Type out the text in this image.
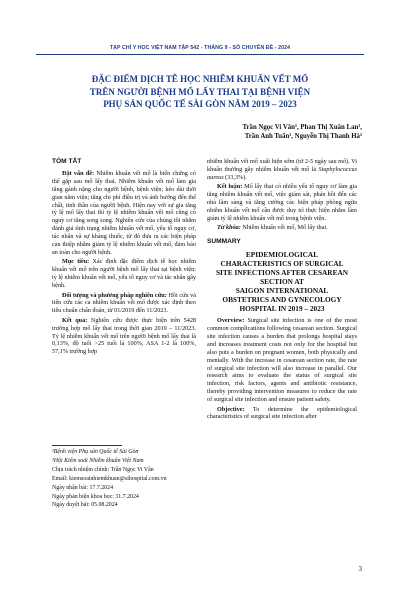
TẠP CHÍ Y HỌC VIỆT NAM TẬP 542 - THÁNG 9 - SỐ CHUYÊN ĐỀ - 2024
ĐẶC ĐIỂM DỊCH TỄ HỌC NHIỄM KHUẨN VẾT MỔ
TRÊN NGƯỜI BỆNH MỔ LẤY THAI TẠI BỆNH VIỆN
PHỤ SẢN QUỐC TẾ SÀI GÒN NĂM 2019 – 2023
Trần Ngọc Vi Vân¹, Phan Thị Xuân Lan¹,
Trần Anh Tuấn¹, Nguyễn Thị Thanh Hà²
TÓM TẮT

Đặt vấn đề: Nhiễm khuẩn vết mổ là biến chứng có thể gặp sau mổ lấy thai. Nhiễm khuẩn vết mổ làm gia tăng gánh nặng cho người bệnh, bệnh viện; kéo dài thời gian nằm viện; tăng chi phí điều trị và ảnh hưởng đến thể chất, tinh thần của người bệnh. Hiện nay với sự gia tăng tỷ lệ mổ lấy thai thì tỷ lệ nhiễm khuẩn vết mổ cũng có nguy cơ tăng song song. Nghiên cứu của chúng tôi nhằm đánh giá tình trạng nhiễm khuẩn vết mổ, yếu tố nguy cơ, tác nhân và sự kháng thuốc, từ đó đưa ra các biện pháp can thiệp nhằm giảm tỷ lệ nhiễm khuẩn vết mổ, đảm bảo an toàn cho người bệnh.

Mục tiêu: Xác định đặc điểm dịch tễ học nhiễm khuẩn vết mổ trên người bệnh mổ lấy thai tại bệnh viện: tỷ lệ nhiễm khuẩn vết mổ, yếu tố nguy cơ và tác nhân gây bệnh.

Đối tượng và phương pháp nghiên cứu: Hồi cứu và tiến cứu các ca nhiễm khuẩn vết mổ được xác định theo tiêu chuẩn chẩn đoán, từ 01/2019 đến 11/2023.

Kết quả: Nghiên cứu được thực hiện trên 5428 trường hợp mổ lấy thai trong thời gian 2019 – 11/2023. Tỷ lệ nhiễm khuẩn vết mổ trên người bệnh mổ lấy thai là 0,13%, độ tuổi >25 tuổi là 100%, ASA 1-2 là 100%, 57,1% trường hợp

¹Bệnh viện Phụ sản Quốc tế Sài Gòn
²Hội Kiểm soát Nhiễm khuẩn Việt Nam
Chịu trách nhiệm chính: Trần Ngọc Vi Vân
Email: kiemsoatnhiemkhuan@sihospital.com.vn
Ngày nhận bài: 17.7.2024
Ngày phản biện khoa học: 31.7.2024
Ngày duyệt bài: 05.08.2024

nhiễm khuẩn vết mổ xuất hiện sớm (từ 2-5 ngày sau mổ). Vi khuẩn thường gây nhiễm khuẩn vết mổ là Staphylococcus aureus (33,3%).

Kết luận: Mổ lấy thai có nhiều yếu tố nguy cơ làm gia tăng nhiễm khuẩn vết mổ, việc giám sát, phản hồi đến các nhà lâm sàng và tăng cường các biện pháp phòng ngừa nhiễm khuẩn vết mổ cần được duy trì thực hiện nhằm làm giảm tỷ lệ nhiễm khuẩn vết mổ trong bệnh viện.

Từ khóa: Nhiễm khuẩn vết mổ, Mổ lấy thai.

SUMMARY
EPIDEMIOLOGICAL
CHARACTERISTICS OF SURGICAL
SITE INFECTIONS AFTER CESAREAN
SECTION AT
SAIGON INTERNATIONAL
OBSTETRICS AND GYNECOLOGY
HOSPITAL IN 2019 – 2023

Overview: Surgical site infection is one of the most common complications following cesarean section. Surgical site infection causes a burden that prolongs hospital stays and increases treatment costs not only for the hospital but also puts a burden on pregnant women, both physically and mentally. With the increase in cesarean section rate, the rate of surgical site infection will also increase in parallel. Our research aims to evaluate the status of surgical site infection, risk factors, agents and antibiotic resistance, thereby providing intervention measures to reduce the rate of surgical site infection and ensure patient safety.

Objective: To determine the epidemiological characteristics of surgical site infection after

3
